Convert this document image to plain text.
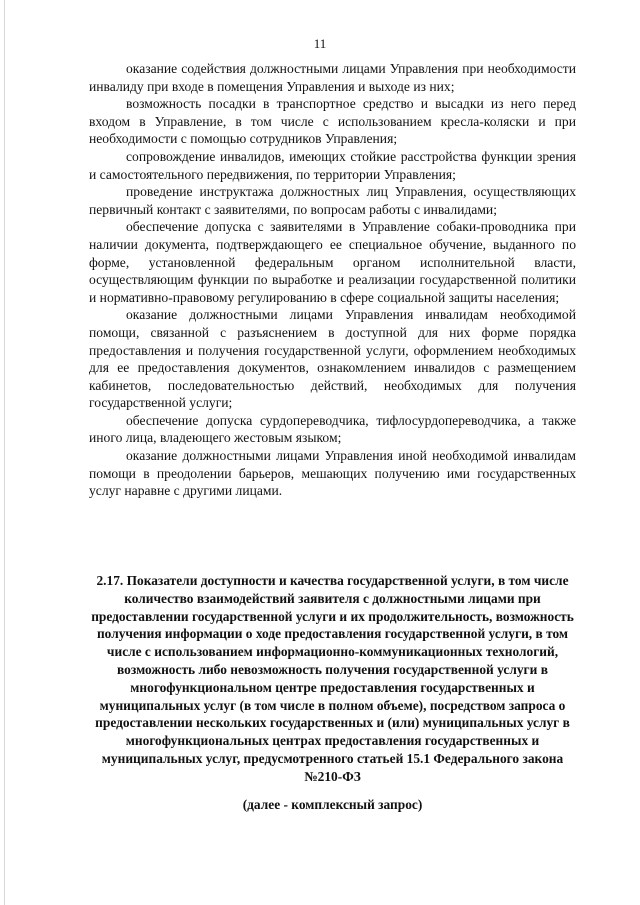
11

оказание содействия должностными лицами Управления при необходимости инвалиду при входе в помещения Управления и выходе из них;

возможность посадки в транспортное средство и высадки из него перед входом в Управление, в том числе с использованием кресла-коляски и при необходимости с помощью сотрудников Управления;

сопровождение инвалидов, имеющих стойкие расстройства функции зрения и самостоятельного передвижения, по территории Управления;

проведение инструктажа должностных лиц Управления, осуществляющих первичный контакт с заявителями, по вопросам работы с инвалидами;

обеспечение допуска с заявителями в Управление собаки-проводника при наличии документа, подтверждающего ее специальное обучение, выданного по форме, установленной федеральным органом исполнительной власти, осуществляющим функции по выработке и реализации государственной политики и нормативно-правовому регулированию в сфере социальной защиты населения;

оказание должностными лицами Управления инвалидам необходимой помощи, связанной с разъяснением в доступной для них форме порядка предоставления и получения государственной услуги, оформлением необходимых для ее предоставления документов, ознакомлением инвалидов с размещением кабинетов, последовательностью действий, необходимых для получения государственной услуги;

обеспечение допуска сурдопереводчика, тифлосурдопереводчика, а также иного лица, владеющего жестовым языком;

оказание должностными лицами Управления иной необходимой инвалидам помощи в преодолении барьеров, мешающих получению ими государственных услуг наравне с другими лицами.

2.17. Показатели доступности и качества государственной услуги, в том числе количество взаимодействий заявителя с должностными лицами при предоставлении государственной услуги и их продолжительность, возможность получения информации о ходе предоставления государственной услуги, в том числе с использованием информационно-коммуникационных технологий, возможность либо невозможность получения государственной услуги в многофункциональном центре предоставления государственных и муниципальных услуг (в том числе в полном объеме), посредством запроса о предоставлении нескольких государственных и (или) муниципальных услуг в многофункциональных центрах предоставления государственных и муниципальных услуг, предусмотренного статьей 15.1 Федерального закона №210-ФЗ

(далее - комплексный запрос)
